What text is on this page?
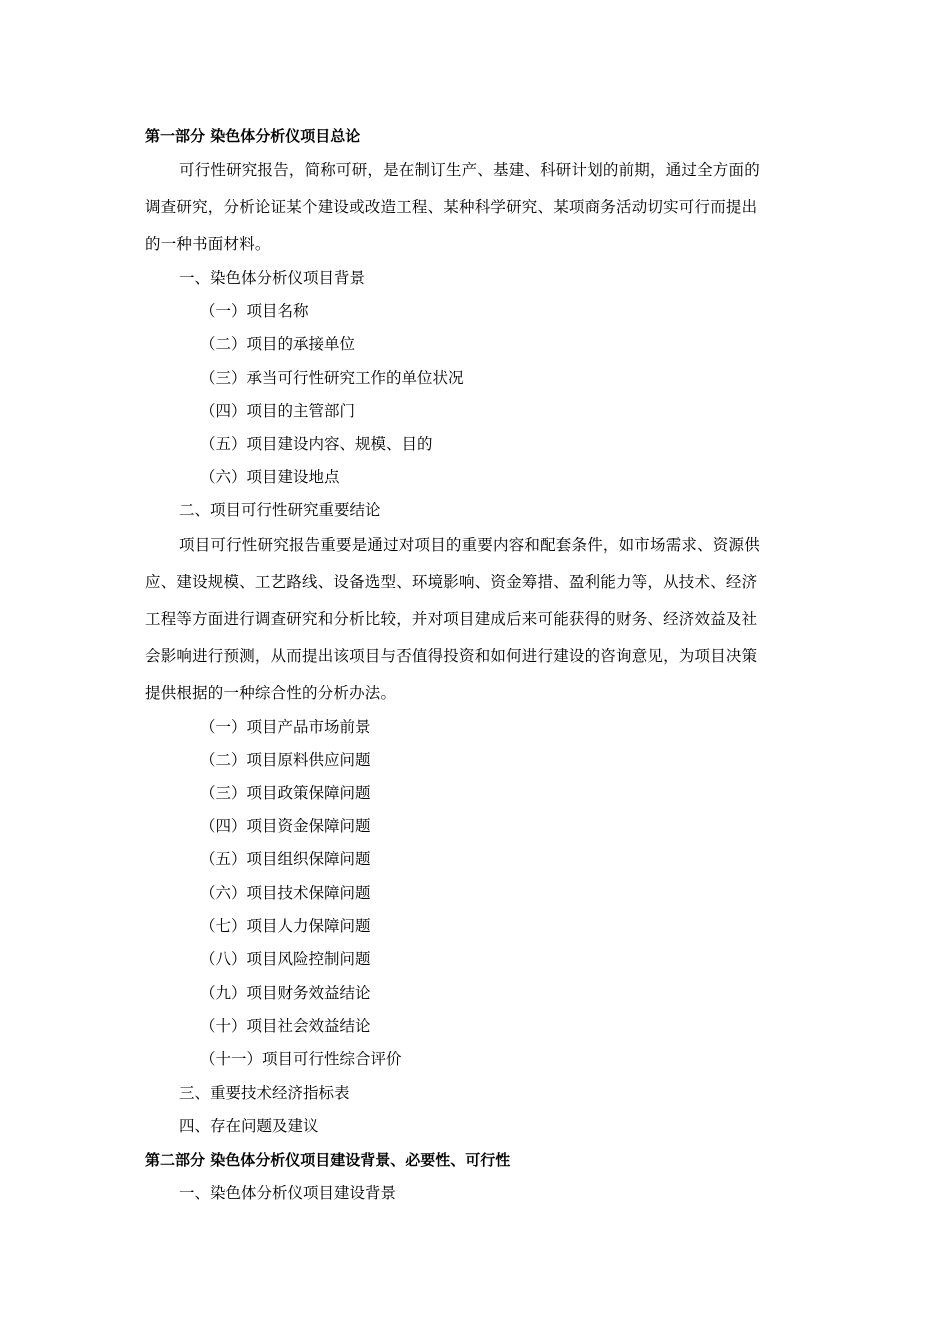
第一部分 染色体分析仪项目总论
可行性研究报告，简称可研，是在制订生产、基建、科研计划的前期，通过全方面的
调查研究，分析论证某个建设或改造工程、某种科学研究、某项商务活动切实可行而提出
的一种书面材料。
一、染色体分析仪项目背景
（一）项目名称
（二）项目的承接单位
（三）承当可行性研究工作的单位状况
（四）项目的主管部门
（五）项目建设内容、规模、目的
（六）项目建设地点
二、项目可行性研究重要结论
项目可行性研究报告重要是通过对项目的重要内容和配套条件，如市场需求、资源供
应、建设规模、工艺路线、设备选型、环境影响、资金筹措、盈利能力等，从技术、经济
工程等方面进行调查研究和分析比较，并对项目建成后来可能获得的财务、经济效益及社
会影响进行预测，从而提出该项目与否值得投资和如何进行建设的咨询意见，为项目决策
提供根据的一种综合性的分析办法。
（一）项目产品市场前景
（二）项目原料供应问题
（三）项目政策保障问题
（四）项目资金保障问题
（五）项目组织保障问题
（六）项目技术保障问题
（七）项目人力保障问题
（八）项目风险控制问题
（九）项目财务效益结论
（十）项目社会效益结论
（十一）项目可行性综合评价
三、重要技术经济指标表
四、存在问题及建议
第二部分 染色体分析仪项目建设背景、必要性、可行性
一、染色体分析仪项目建设背景
